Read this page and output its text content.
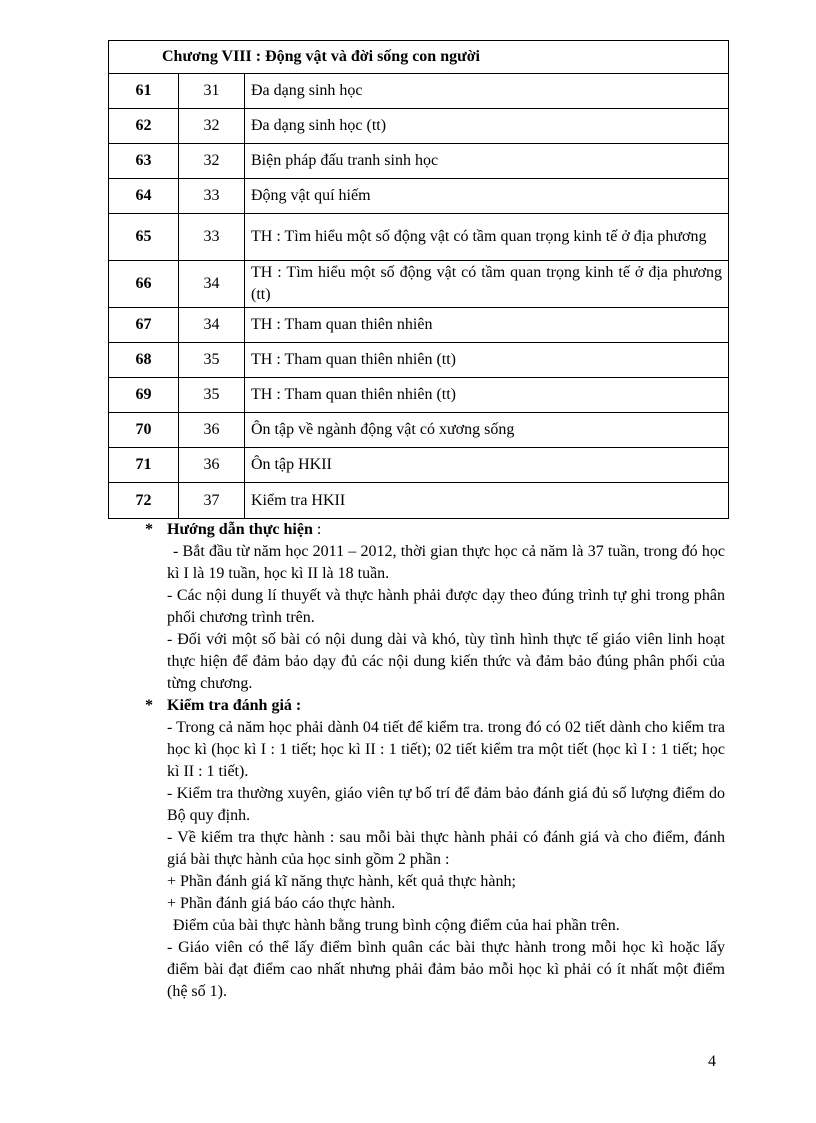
Chương VIII : Động vật và đời sống con người		
61	31	Đa dạng sinh học
62	32	Đa dạng sinh học (tt)
63	32	Biện pháp đấu tranh sinh học
64	33	Động vật quí hiếm
65	33	TH : Tìm hiểu một số động vật có tầm quan trọng kinh tế ở địa phương
66	34	TH : Tìm hiểu một số động vật có tầm quan trọng kinh tế ở địa phương (tt)
67	34	TH : Tham quan thiên nhiên
68	35	TH : Tham quan thiên nhiên (tt)
69	35	TH : Tham quan thiên nhiên (tt)
70	36	Ôn tập về ngành động vật có xương sống
71	36	Ôn tập HKII
72	37	Kiểm tra HKII
* Hướng dẫn thực hiện :

- Bắt đầu từ năm học 2011 – 2012, thời gian thực học cả năm là 37 tuần, trong đó học kì I là 19 tuần, học kì II là 18 tuần.

- Các nội dung lí thuyết và thực hành phải được dạy theo đúng trình tự ghi trong phân phối chương trình trên.

- Đối với một số bài có nội dung dài và khó, tùy tình hình thực tế giáo viên linh hoạt thực hiện để đảm bảo dạy đủ các nội dung kiến thức và đảm bảo đúng phân phối của từng chương.

* Kiểm tra đánh giá :

- Trong cả năm học phải dành 04 tiết để kiểm tra. trong đó có 02 tiết dành cho kiểm tra học kì (học kì I : 1 tiết; học kì II : 1 tiết); 02 tiết kiểm tra một tiết (học kì I : 1 tiết; học kì II : 1 tiết).

- Kiểm tra thường xuyên, giáo viên tự bố trí để đảm bảo đánh giá đủ số lượng điểm do Bộ quy định.

- Về kiểm tra thực hành : sau mỗi bài thực hành phải có đánh giá và cho điểm, đánh giá bài thực hành của học sinh gồm 2 phần :

+ Phần đánh giá kĩ năng thực hành, kết quả thực hành;

+ Phần đánh giá báo cáo thực hành.

Điểm của bài thực hành bằng trung bình cộng điểm của hai phần trên.

- Giáo viên có thể lấy điểm bình quân các bài thực hành trong mỗi học kì hoặc lấy điểm bài đạt điểm cao nhất nhưng phải đảm bảo mỗi học kì phải có ít nhất một điểm (hệ số 1).

4
